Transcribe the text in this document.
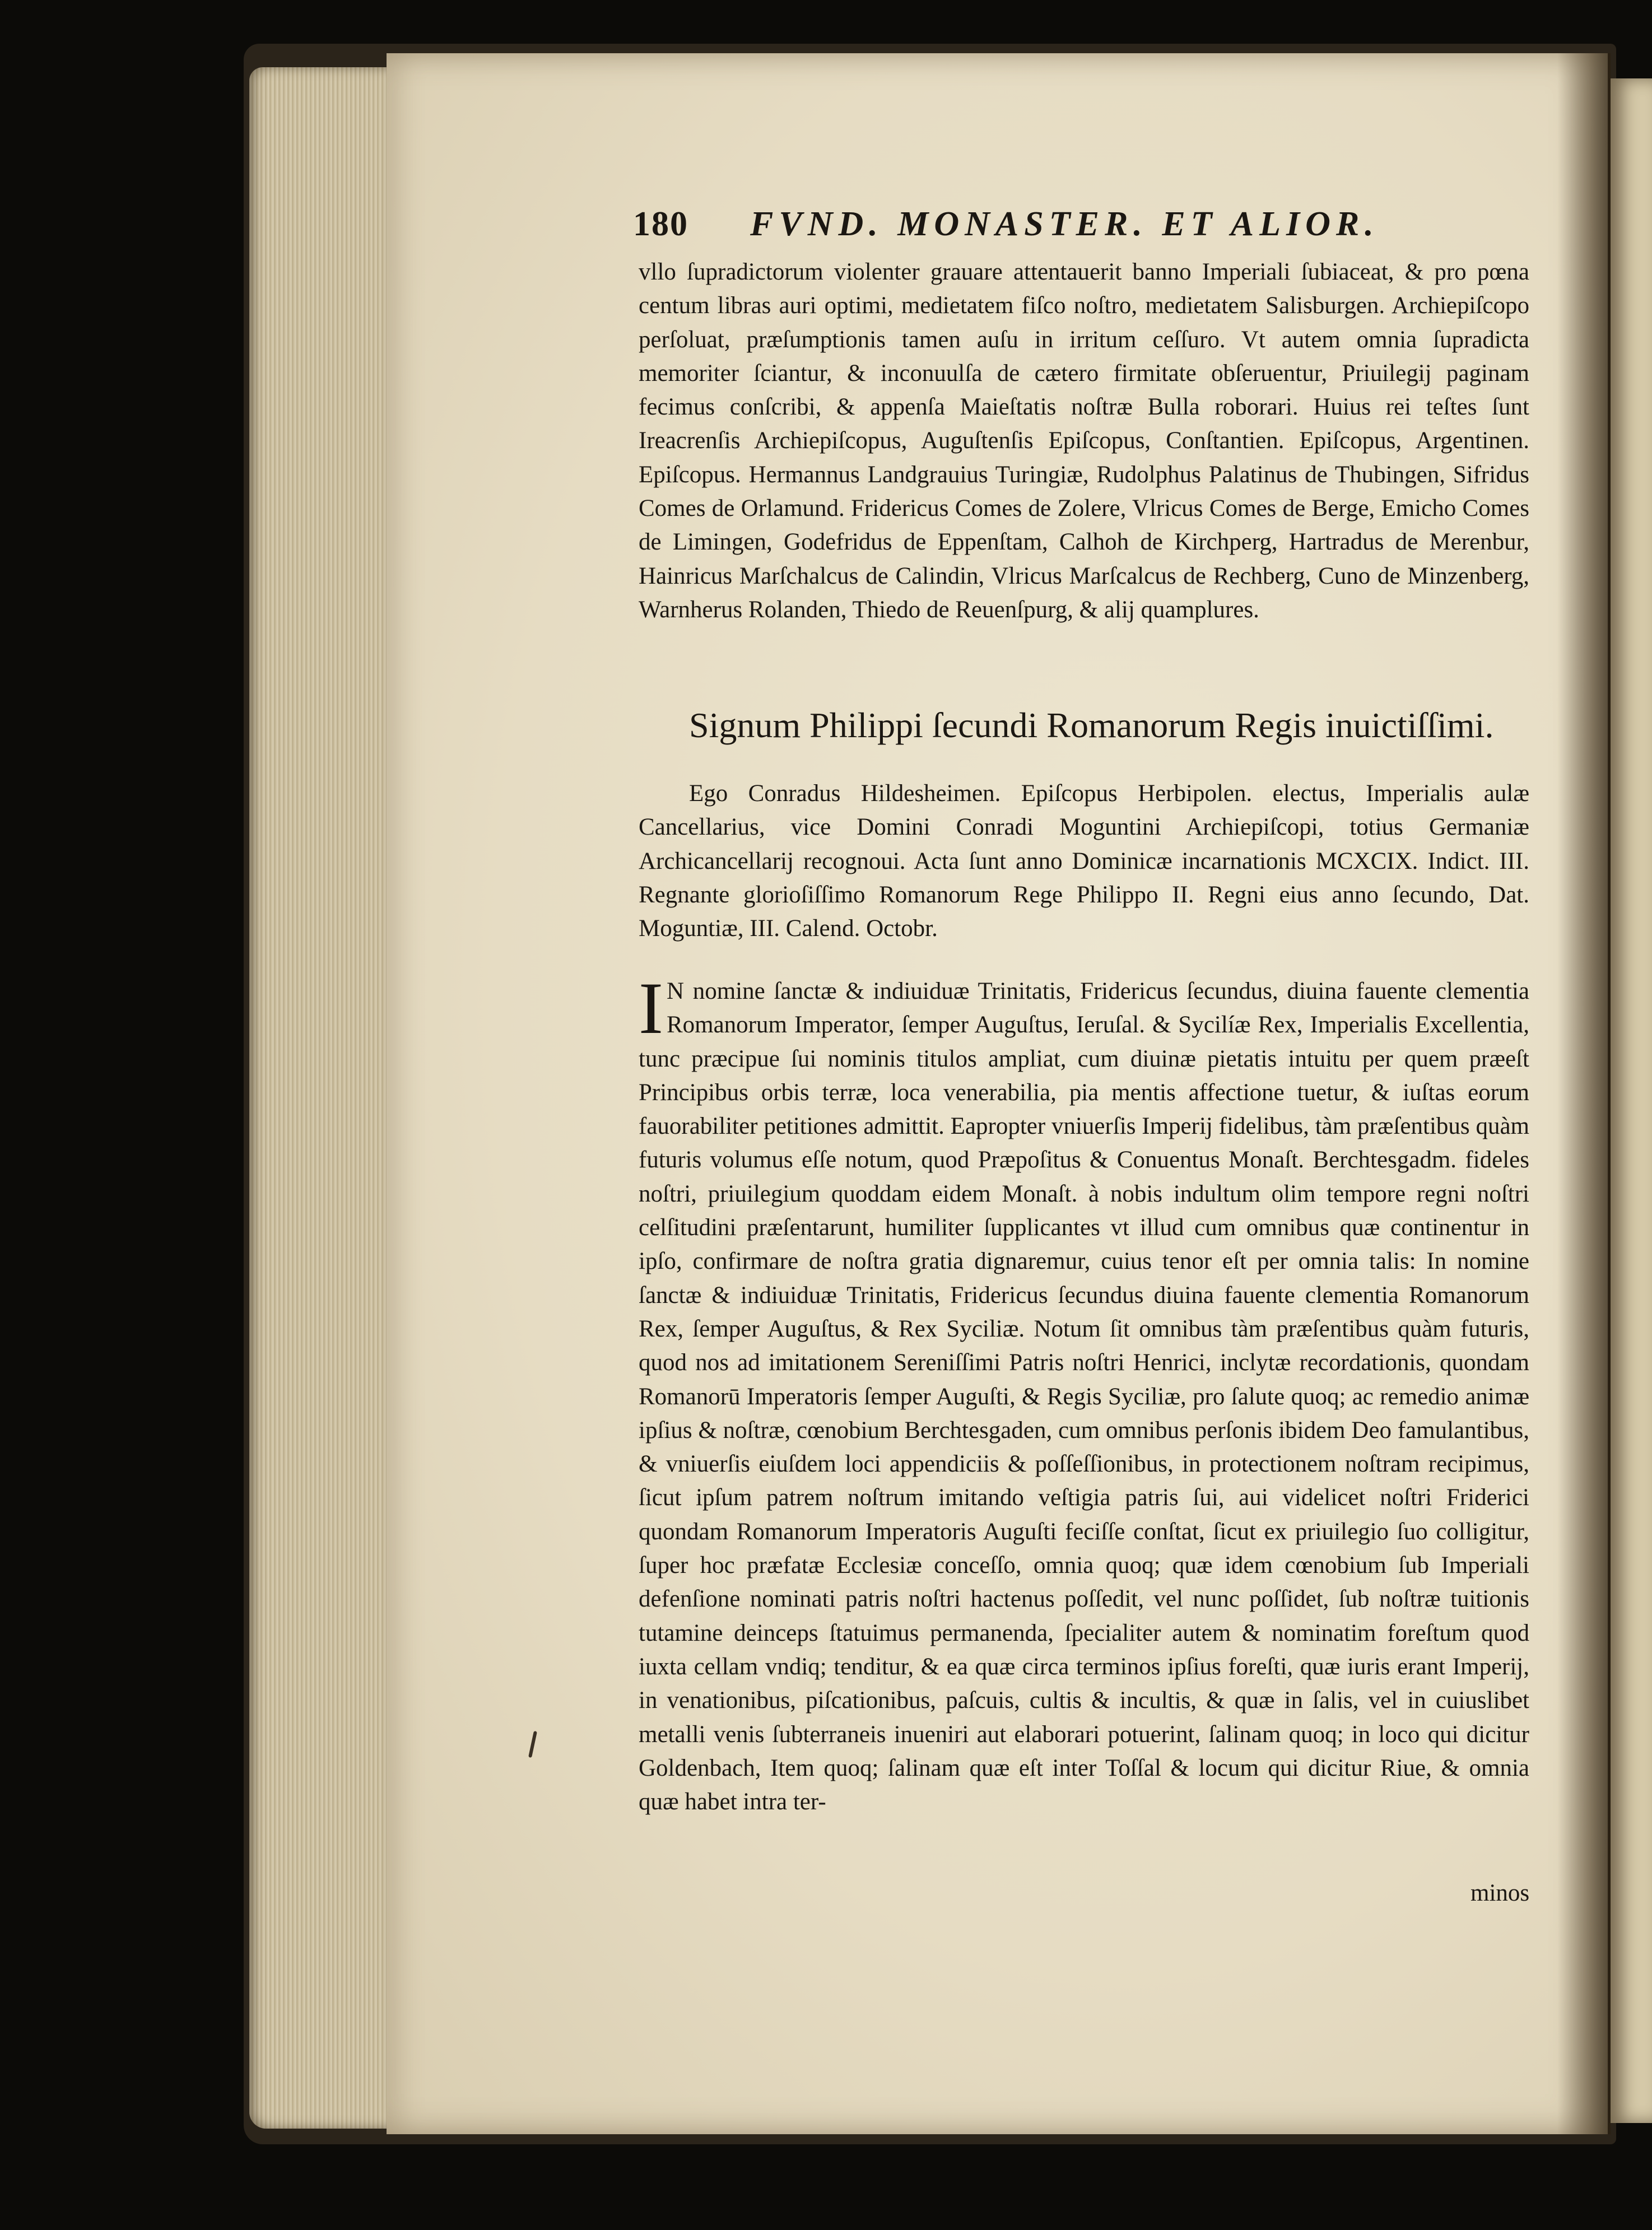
180 FVND. MONASTER. ET ALIOR.

vllo ſupradictorum violenter grauare attentauerit banno Imperiali ſubiaceat, & pro pœna centum libras auri optimi, medietatem fiſco noſtro, medietatem Salisburgen. Archiepiſcopo perſoluat, præſumptionis tamen auſu in irritum ceſſuro. Vt autem omnia ſupradicta memoriter ſciantur, & inconuulſa de cætero firmitate obſeruentur, Priuilegij paginam fecimus conſcribi, & appenſa Maieſtatis noſtræ Bulla roborari. Huius rei teſtes ſunt Ireacrenſis Archiepiſcopus, Auguſtenſis Epiſcopus, Conſtantien. Epiſcopus, Argentinen. Epiſcopus. Hermannus Landgrauius Turingiæ, Rudolphus Palatinus de Thubingen, Sifridus Comes de Orlamund. Fridericus Comes de Zolere, Vlricus Comes de Berge, Emicho Comes de Limingen, Godefridus de Eppenſtam, Calhoh de Kirchperg, Hartradus de Merenbur, Hainricus Marſchalcus de Calindin, Vlricus Marſcalcus de Rechberg, Cuno de Minzenberg, Warnherus Rolanden, Thiedo de Reuenſpurg, & alij quamplures.

Signum Philippi ſecundi Romanorum Regis inuictiſſimi.

Ego Conradus Hildesheimen. Epiſcopus Herbipolen. electus, Imperialis aulæ Cancellarius, vice Domini Conradi Moguntini Archiepiſcopi, totius Germaniæ Archicancellarij recognoui. Acta ſunt anno Dominicæ incarnationis MCXCIX. Indict. III. Regnante glorioſiſſimo Romanorum Rege Philippo II. Regni eius anno ſecundo, Dat. Moguntiæ, III. Calend. Octobr.

I N nomine ſanctæ & indiuiduæ Trinitatis, Fridericus ſecundus, diuina fauente clementia Romanorum Imperator, ſemper Auguſtus, Ieruſal. & Sycilíæ Rex, Imperialis Excellentia, tunc præcipue ſui nominis titulos ampliat, cum diuinæ pietatis intuitu per quem præeſt Principibus orbis terræ, loca venerabilia, pia mentis affectione tuetur, & iuſtas eorum fauorabiliter petitiones admittit. Eapropter vniuerſis Imperij fidelibus, tàm præſentibus quàm futuris volumus eſſe notum, quod Præpoſitus & Conuentus Monaſt. Berchtesgadm. fideles noſtri, priuilegium quoddam eidem Monaſt. à nobis indultum olim tempore regni noſtri celſitudini præſentarunt, humiliter ſupplicantes vt illud cum omnibus quæ continentur in ipſo, confirmare de noſtra gratia dignaremur, cuius tenor eſt per omnia talis: In nomine ſanctæ & indiuiduæ Trinitatis, Fridericus ſecundus diuina fauente clementia Romanorum Rex, ſemper Auguſtus, & Rex Syciliæ. Notum ſit omnibus tàm præſentibus quàm futuris, quod nos ad imitationem Sereniſſimi Patris noſtri Henrici, inclytæ recordationis, quondam Romanorū Imperatoris ſemper Auguſti, & Regis Syciliæ, pro ſalute quoq; ac remedio animæ ipſius & noſtræ, cœnobium Berchtesgaden, cum omnibus perſonis ibidem Deo famulantibus, & vniuerſis eiuſdem loci appendiciis & poſſeſſionibus, in protectionem noſtram recipimus, ſicut ipſum patrem noſtrum imitando veſtigia patris ſui, aui videlicet noſtri Friderici quondam Romanorum Imperatoris Auguſti feciſſe conſtat, ſicut ex priuilegio ſuo colligitur, ſuper hoc præfatæ Ecclesiæ conceſſo, omnia quoq; quæ idem cœnobium ſub Imperiali defenſione nominati patris noſtri hactenus poſſedit, vel nunc poſſidet, ſub noſtræ tuitionis tutamine deinceps ſtatuimus permanenda, ſpecialiter autem & nominatim foreſtum quod iuxta cellam vndiq; tenditur, & ea quæ circa terminos ipſius foreſti, quæ iuris erant Imperij, in venationibus, piſcationibus, paſcuis, cultis & incultis, & quæ in ſalis, vel in cuiuslibet metalli venis ſubterraneis inueniri aut elaborari potuerint, ſalinam quoq; in loco qui dicitur Goldenbach, Item quoq; ſalinam quæ eſt inter Toſſal & locum qui dicitur Riue, & omnia quæ habet intra ter-
minos
